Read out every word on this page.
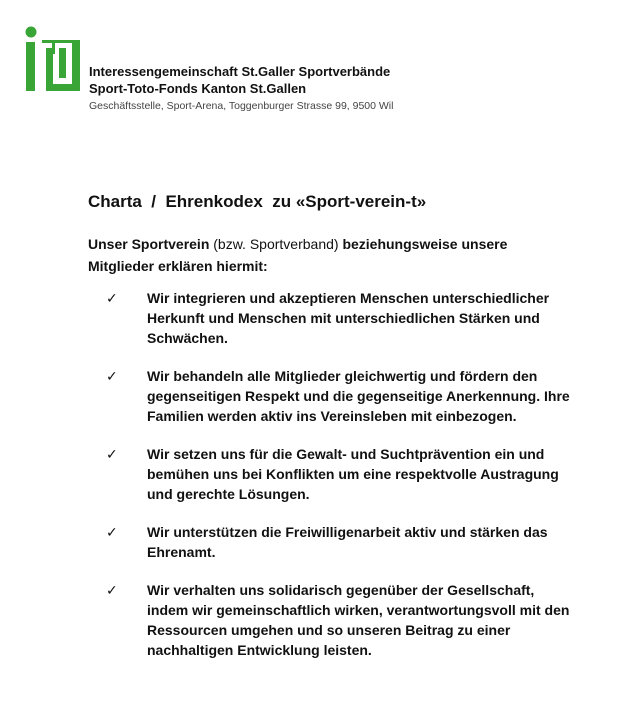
Interessengemeinschaft St.Galler Sportverbände
Sport-Toto-Fonds Kanton St.Gallen
Geschäftsstelle, Sport-Arena, Toggenburger Strasse 99, 9500 Wil
Charta  /  Ehrenkodex  zu «Sport-verein-t»
Unser Sportverein (bzw. Sportverband) beziehungsweise unsere Mitglieder erklären hiermit:
✓ Wir integrieren und akzeptieren Menschen unterschiedlicher Herkunft und Menschen mit unterschiedlichen Stärken und Schwächen.
✓ Wir behandeln alle Mitglieder gleichwertig und fördern den gegenseitigen Respekt und die gegenseitige Anerkennung. Ihre Familien werden aktiv ins Vereinsleben mit einbezogen.
✓ Wir setzen uns für die Gewalt- und Suchtprävention ein und bemühen uns bei Konflikten um eine respektvolle Austragung und gerechte Lösungen.
✓ Wir unterstützen die Freiwilligenarbeit aktiv und stärken das Ehrenamt.
✓ Wir verhalten uns solidarisch gegenüber der Gesellschaft, indem wir gemeinschaftlich wirken, verantwortungsvoll mit den Ressourcen umgehen und so unseren Beitrag zu einer nachhaltigen Entwicklung leisten.
